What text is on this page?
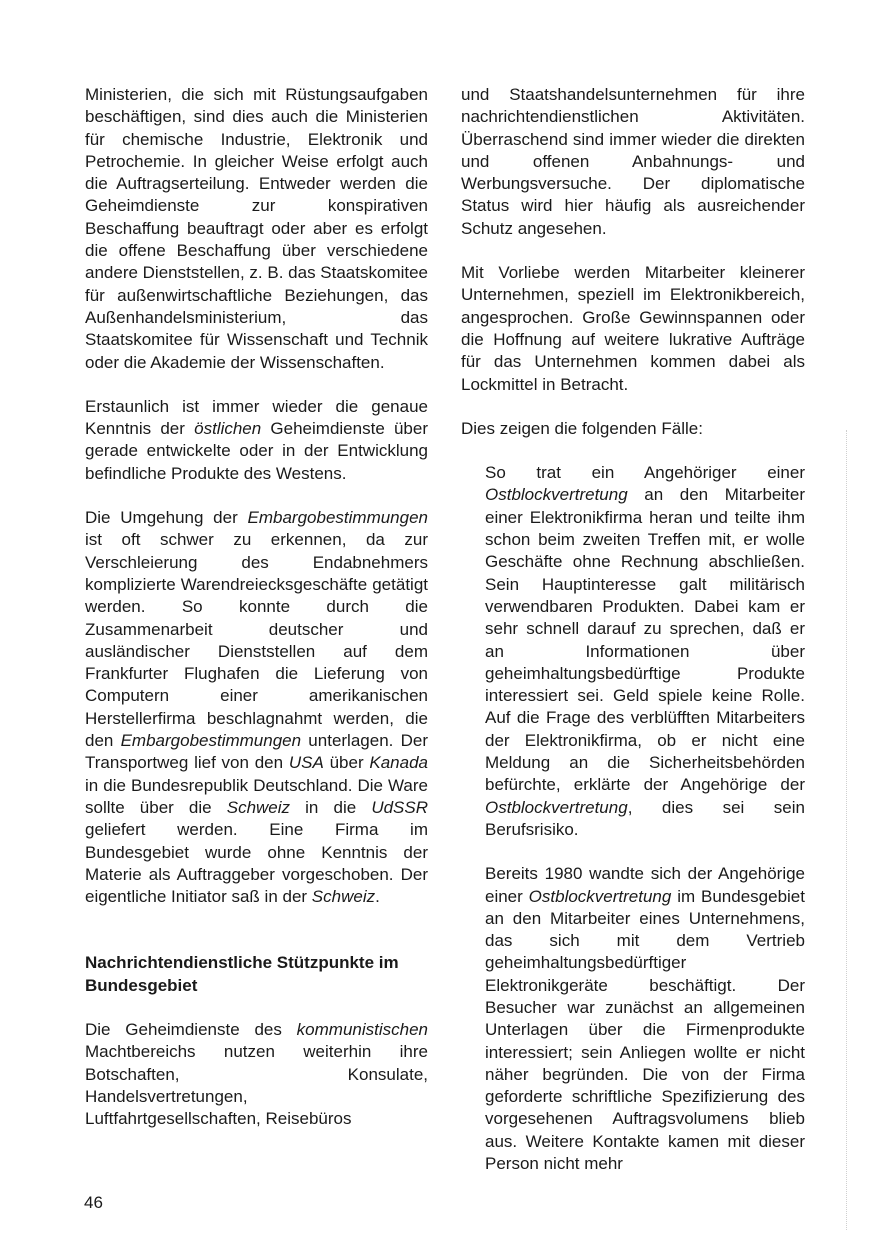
Ministerien, die sich mit Rüstungsaufgaben beschäftigen, sind dies auch die Ministerien für chemische Industrie, Elektronik und Petrochemie. In gleicher Weise erfolgt auch die Auftragserteilung. Entweder werden die Geheimdienste zur konspirativen Beschaffung beauftragt oder aber es erfolgt die offene Beschaffung über verschiedene andere Dienststellen, z. B. das Staatskomitee für außenwirtschaftliche Beziehungen, das Außenhandelsministerium, das Staatskomitee für Wissenschaft und Technik oder die Akademie der Wissenschaften.

Erstaunlich ist immer wieder die genaue Kenntnis der östlichen Geheimdienste über gerade entwickelte oder in der Entwicklung befindliche Produkte des Westens.

Die Umgehung der Embargobestimmungen ist oft schwer zu erkennen, da zur Verschleierung des Endabnehmers komplizierte Warendreiecksgeschäfte getätigt werden. So konnte durch die Zusammenarbeit deutscher und ausländischer Dienststellen auf dem Frankfurter Flughafen die Lieferung von Computern einer amerikanischen Herstellerfirma beschlagnahmt werden, die den Embargobestimmungen unterlagen. Der Transportweg lief von den USA über Kanada in die Bundesrepublik Deutschland. Die Ware sollte über die Schweiz in die UdSSR geliefert werden. Eine Firma im Bundesgebiet wurde ohne Kenntnis der Materie als Auftraggeber vorgeschoben. Der eigentliche Initiator saß in der Schweiz.

Nachrichtendienstliche Stützpunkte im Bundesgebiet

Die Geheimdienste des kommunistischen Machtbereichs nutzen weiterhin ihre Botschaften, Konsulate, Handelsvertretungen, Luftfahrtgesellschaften, Reisebüros

und Staatshandelsunternehmen für ihre nachrichtendienstlichen Aktivitäten. Überraschend sind immer wieder die direkten und offenen Anbahnungs- und Werbungsversuche. Der diplomatische Status wird hier häufig als ausreichender Schutz angesehen.

Mit Vorliebe werden Mitarbeiter kleinerer Unternehmen, speziell im Elektronikbereich, angesprochen. Große Gewinnspannen oder die Hoffnung auf weitere lukrative Aufträge für das Unternehmen kommen dabei als Lockmittel in Betracht.

Dies zeigen die folgenden Fälle:

So trat ein Angehöriger einer Ostblockvertretung an den Mitarbeiter einer Elektronikfirma heran und teilte ihm schon beim zweiten Treffen mit, er wolle Geschäfte ohne Rechnung abschließen. Sein Hauptinteresse galt militärisch verwendbaren Produkten. Dabei kam er sehr schnell darauf zu sprechen, daß er an Informationen über geheimhaltungsbedürftige Produkte interessiert sei. Geld spiele keine Rolle. Auf die Frage des verblüfften Mitarbeiters der Elektronikfirma, ob er nicht eine Meldung an die Sicherheitsbehörden befürchte, erklärte der Angehörige der Ostblockvertretung, dies sei sein Berufsrisiko.

Bereits 1980 wandte sich der Angehörige einer Ostblockvertretung im Bundesgebiet an den Mitarbeiter eines Unternehmens, das sich mit dem Vertrieb geheimhaltungsbedürftiger Elektronikgeräte beschäftigt. Der Besucher war zunächst an allgemeinen Unterlagen über die Firmenprodukte interessiert; sein Anliegen wollte er nicht näher begründen. Die von der Firma geforderte schriftliche Spezifizierung des vorgesehenen Auftragsvolumens blieb aus. Weitere Kontakte kamen mit dieser Person nicht mehr

46
